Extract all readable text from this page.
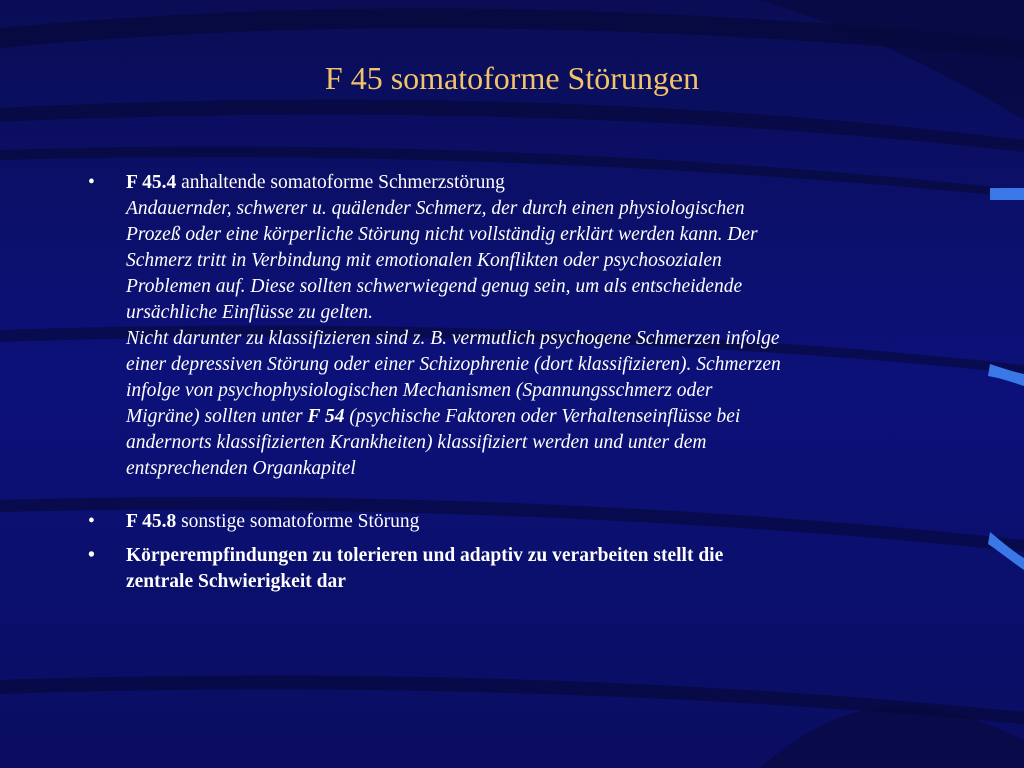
F 45 somatoforme Störungen
• F 45.4 anhaltende somatoforme Schmerzstörung
Andauernder, schwerer u. quälender Schmerz, der durch einen physiologischen
Prozeß oder eine körperliche Störung nicht vollständig erklärt werden kann. Der
Schmerz tritt in Verbindung mit emotionalen Konflikten oder psychosozialen
Problemen auf. Diese sollten schwerwiegend genug sein, um als entscheidende
ursächliche Einflüsse zu gelten.
Nicht darunter zu klassifizieren sind z. B. vermutlich psychogene Schmerzen infolge
einer depressiven Störung oder einer Schizophrenie (dort klassifizieren). Schmerzen
infolge von psychophysiologischen Mechanismen (Spannungsschmerz oder
Migräne) sollten unter F 54 (psychische Faktoren oder Verhaltenseinflüsse bei
andernorts klassifizierten Krankheiten) klassifiziert werden und unter dem
entsprechenden Organkapitel
• F 45.8 sonstige somatoforme Störung
• Körperempfindungen zu tolerieren und adaptiv zu verarbeiten stellt die
zentrale Schwierigkeit dar
